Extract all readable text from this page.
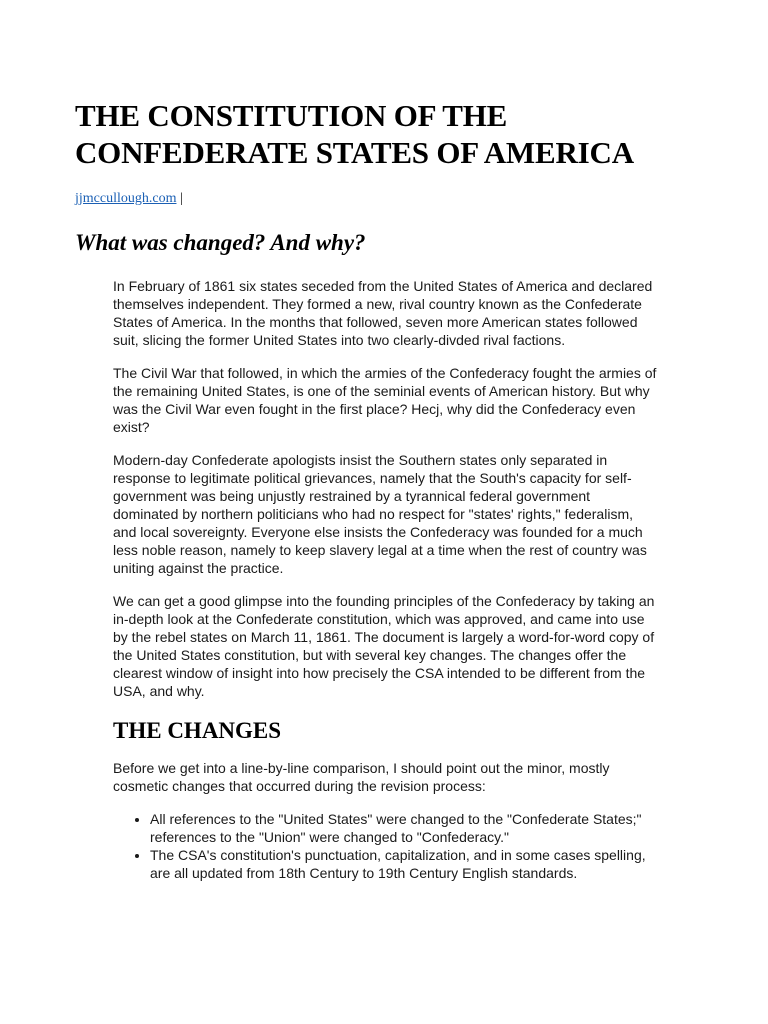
THE CONSTITUTION OF THE CONFEDERATE STATES OF AMERICA
jjmccullough.com |
What was changed? And why?

In February of 1861 six states seceded from the United States of America and declared themselves independent. They formed a new, rival country known as the Confederate States of America. In the months that followed, seven more American states followed suit, slicing the former United States into two clearly-divded rival factions.

The Civil War that followed, in which the armies of the Confederacy fought the armies of the remaining United States, is one of the seminial events of American history. But why was the Civil War even fought in the first place? Hecj, why did the Confederacy even exist?

Modern-day Confederate apologists insist the Southern states only separated in response to legitimate political grievances, namely that the South's capacity for self-government was being unjustly restrained by a tyrannical federal government dominated by northern politicians who had no respect for "states' rights," federalism, and local sovereignty. Everyone else insists the Confederacy was founded for a much less noble reason, namely to keep slavery legal at a time when the rest of country was uniting against the practice.

We can get a good glimpse into the founding principles of the Confederacy by taking an in-depth look at the Confederate constitution, which was approved, and came into use by the rebel states on March 11, 1861. The document is largely a word-for-word copy of the United States constitution, but with several key changes. The changes offer the clearest window of insight into how precisely the CSA intended to be different from the USA, and why.

THE CHANGES

Before we get into a line-by-line comparison, I should point out the minor, mostly cosmetic changes that occurred during the revision process:

• All references to the "United States" were changed to the "Confederate States;" references to the "Union" were changed to "Confederacy."
• The CSA's constitution's punctuation, capitalization, and in some cases spelling, are all updated from 18th Century to 19th Century English standards.
